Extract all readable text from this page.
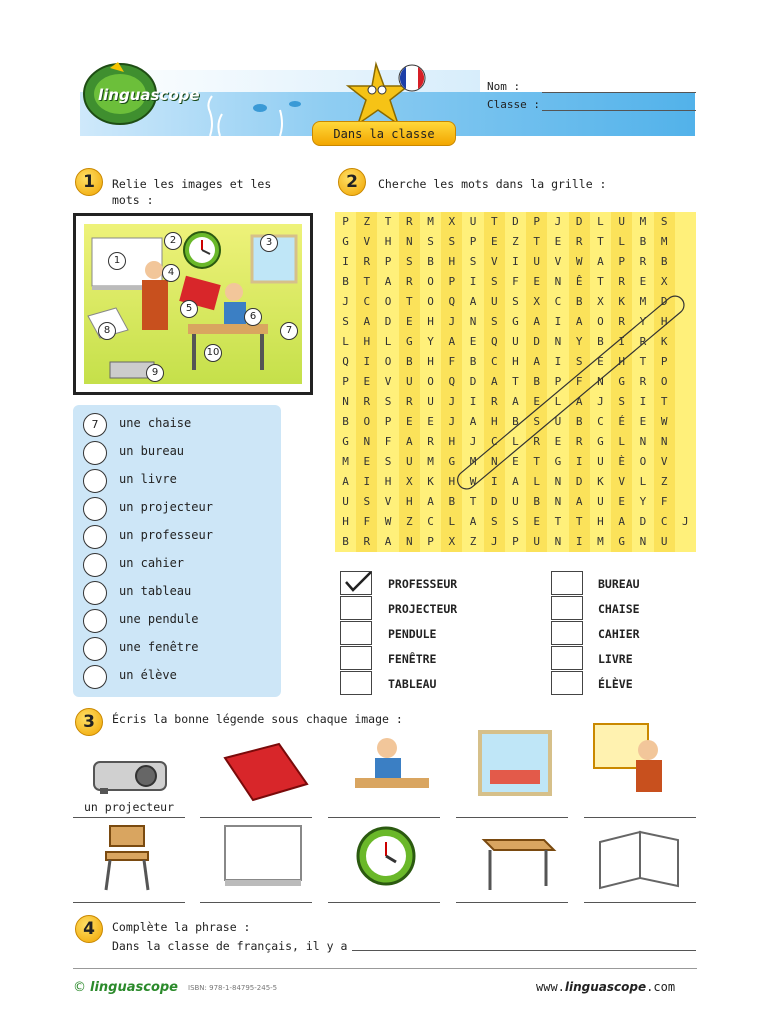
linguascope
Dans la classe
Nom :
Classe :
1	Relie les images et les mots :
1
2	3
4
5
6
7
8
9
10
7	une chaise
un bureau
un livre
un projecteur
un professeur
un cahier
un tableau
une pendule
une fenêtre
un élève
2	Cherche les mots dans la grille :
P	Z	T	R	M	X	U	T	D	P	J	D	L	U	M	S
G	V	H	N	S	S	P	E	Z	T	E	R	T	L	B	M
I	R	P	S	B	H	S	V	I	U	V	W	A	P	R	B
B	T	A	R	O	P	I	S	F	E	N	Ê	T	R	E	X
J	C	O	T	O	Q	A	U	S	X	C	B	X	K	M	D
S	A	D	E	H	J	N	S	G	A	I	A	O	R	Y	H
L	H	L	G	Y	A	E	Q	U	D	N	Y	B	I	R	K
Q	I	O	B	H	F	B	C	H	A	I	S	E	H	T	P
P	E	V	U	O	Q	D	A	T	B	P	F	N	G	R	O
N	R	S	R	U	J	I	R	A	E	L	A	J	S	I	T
B	O	P	E	E	J	A	H	B	S	U	B	C	É	E	W
G	N	F	A	R	H	J	C	L	R	E	R	G	L	N	N
M	E	S	U	M	G	M	N	E	T	G	I	U	È	O	V
A	I	H	X	K	H	W	I	A	L	N	D	K	V	L	Z
U	S	V	H	A	B	T	D	U	B	N	A	U	E	Y	F
H	F	W	Z	C	L	A	S	S	E	T	T	H	A	D	C	J
B	R	A	N	P	X	Z	J	P	U	N	I	M	G	N	U
PROFESSEUR
PROJECTEUR
PENDULE
FENÊTRE
TABLEAU
BUREAU
CHAISE
CAHIER
LIVRE
ÉLÈVE
3	Écris la bonne légende sous chaque image :
un projecteur
4	Complète la phrase :
Dans la classe de français, il y a
© linguascope ISBN: 978-1-84795-245-5	www.linguascope.com
